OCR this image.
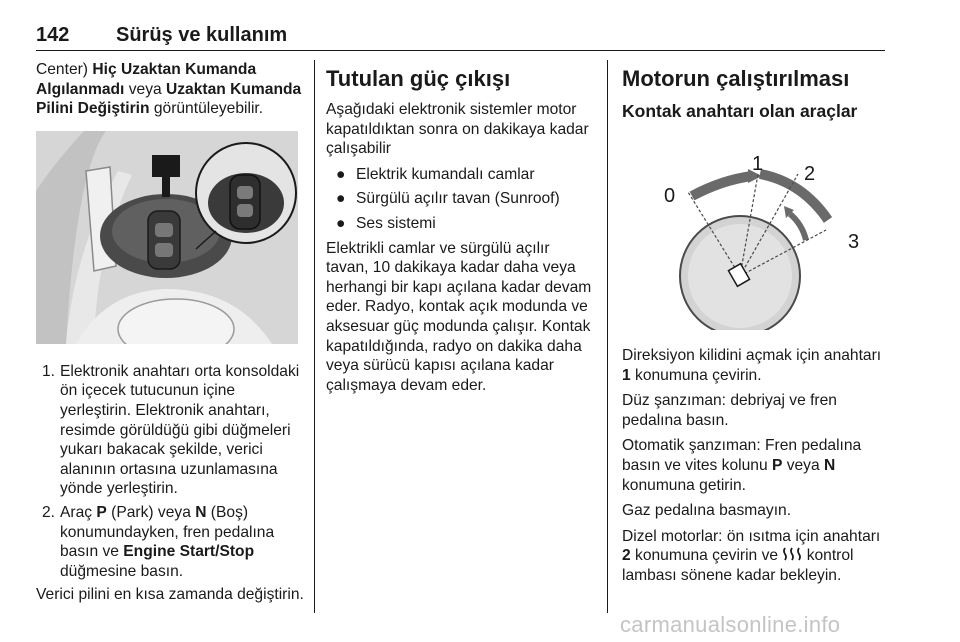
142 Sürüş ve kullanım

Center) Hiç Uzaktan Kumanda Algılanmadı veya Uzaktan Kumanda Pilini Değiştirin görüntüleyebilir.

1. Elektronik anahtarı orta konsoldaki ön içecek tutucunun içine yerleştirin. Elektronik anahtarı, resimde görüldüğü gibi düğmeleri yukarı bakacak şekilde, verici alanının ortasına uzunlamasına yönde yerleştirin.
2. Araç P (Park) veya N (Boş) konumundayken, fren pedalına basın ve Engine Start/Stop düğmesine basın.

Verici pilini en kısa zamanda değiştirin.

Tutulan güç çıkışı

Aşağıdaki elektronik sistemler motor kapatıldıktan sonra on dakikaya kadar çalışabilir

● Elektrik kumandalı camlar
● Sürgülü açılır tavan (Sunroof)
● Ses sistemi

Elektrikli camlar ve sürgülü açılır tavan, 10 dakikaya kadar daha veya herhangi bir kapı açılana kadar devam eder. Radyo, kontak açık modunda ve aksesuar güç modunda çalışır. Kontak kapatıldığında, radyo on dakika daha veya sürücü kapısı açılana kadar çalışmaya devam eder.

Motorun çalıştırılması
Kontak anahtarı olan araçlar
0
1 2
3

Direksiyon kilidini açmak için anahtarı 1 konumuna çevirin.

Düz şanzıman: debriyaj ve fren pedalına basın.

Otomatik şanzıman: Fren pedalına basın ve vites kolunu P veya N konumuna getirin.

Gaz pedalına basmayın.

Dizel motorlar: ön ısıtma için anahtarı 2 konumuna çevirin ve  kontrol lambası sönene kadar bekleyin.

carmanualsonline.info
